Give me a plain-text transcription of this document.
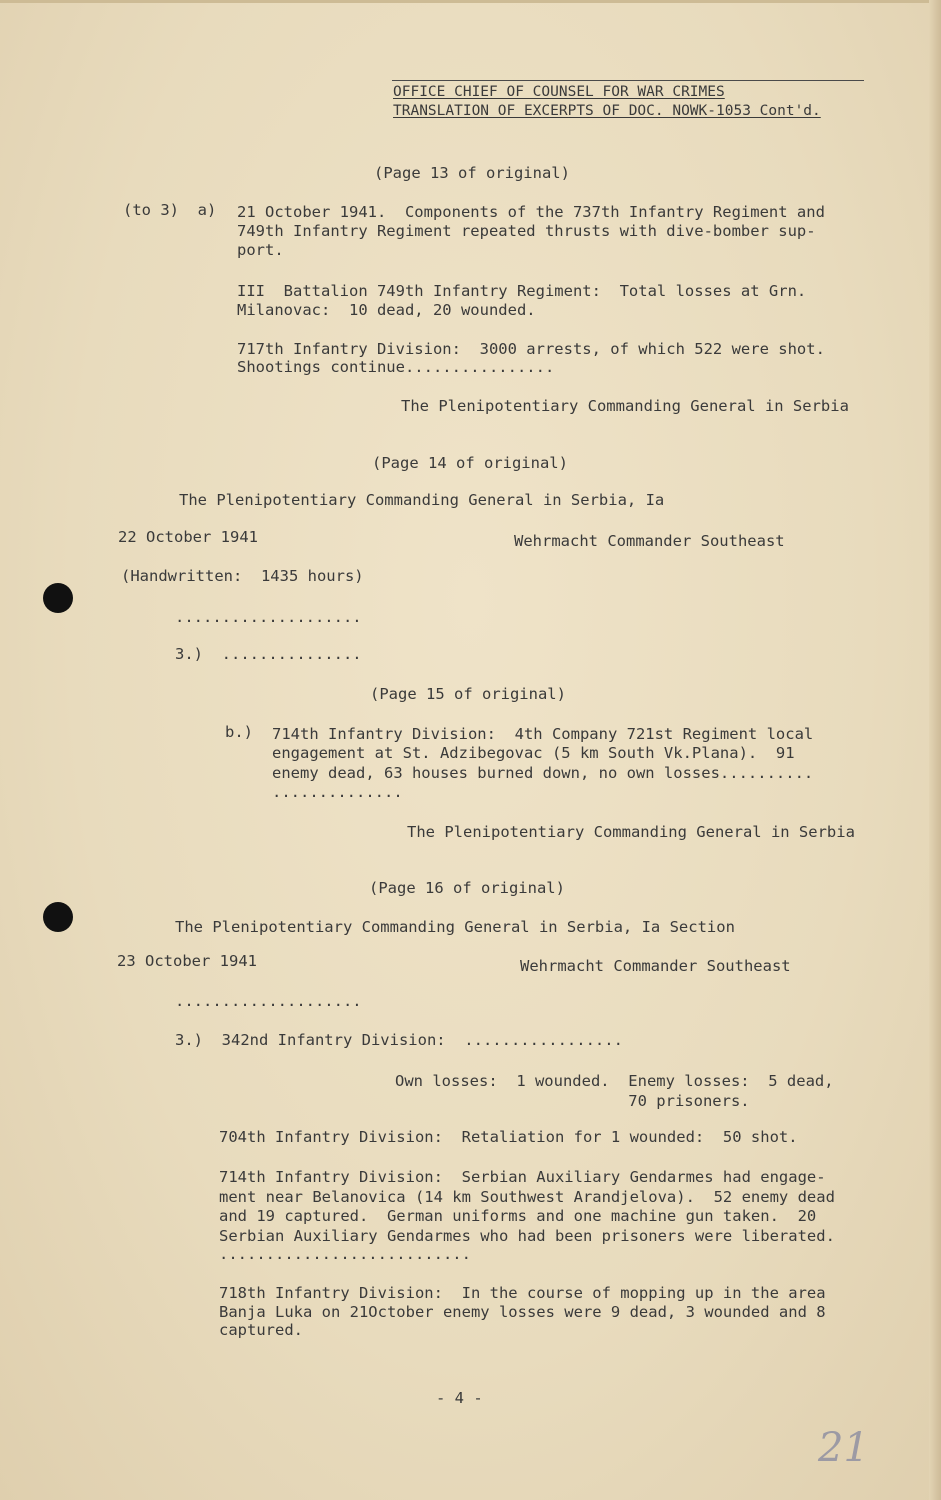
OFFICE CHIEF OF COUNSEL FOR WAR CRIMES
TRANSLATION OF EXCERPTS OF DOC. NOWK-1053 Cont'd.
(Page 13 of original)
(to 3)  a) 21 October 1941.  Components of the 737th Infantry Regiment and
749th Infantry Regiment repeated thrusts with dive-bomber sup-
port.
III  Battalion 749th Infantry Regiment:  Total losses at Grn.
Milanovac:  10 dead, 20 wounded.
717th Infantry Division:  3000 arrests, of which 522 were shot.
Shootings continue................
The Plenipotentiary Commanding General in Serbia
(Page 14 of original)
The Plenipotentiary Commanding General in Serbia, Ia
22 October 1941	Wehrmacht Commander Southeast
(Handwritten:  1435 hours)
....................
3.)  ...............
(Page 15 of original)
b.) 714th Infantry Division:  4th Company 721st Regiment local
engagement at St. Adzibegovac (5 km South Vk.Plana).  91
enemy dead, 63 houses burned down, no own losses..........
..............
The Plenipotentiary Commanding General in Serbia
(Page 16 of original)
The Plenipotentiary Commanding General in Serbia, Ia Section
23 October 1941	Wehrmacht Commander Southeast
....................
3.)  342nd Infantry Division:  .................
Own losses:  1 wounded.  Enemy losses:  5 dead,
70 prisoners.
704th Infantry Division:  Retaliation for 1 wounded:  50 shot.
714th Infantry Division:  Serbian Auxiliary Gendarmes had engage-
ment near Belanovica (14 km Southwest Arandjelova).  52 enemy dead
and 19 captured.  German uniforms and one machine gun taken.  20
Serbian Auxiliary Gendarmes who had been prisoners were liberated.
...........................
718th Infantry Division:  In the course of mopping up in the area
Banja Luka on 21October enemy losses were 9 dead, 3 wounded and 8
captured.
- 4 -
21
